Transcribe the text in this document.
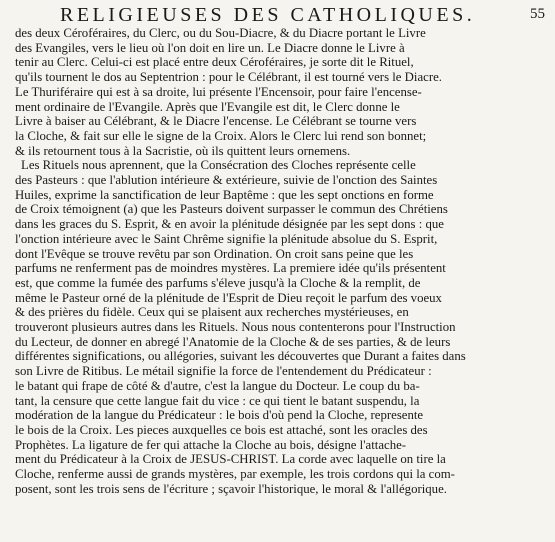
RELIGIEUSES DES CATHOLIQUES.	55
des deux Céroféraires, du Clerc, ou du Sou-Diacre, & du Diacre portant le Livre
des Evangiles, vers le lieu où l'on doit en lire un. Le Diacre donne le Livre à
tenir au Clerc. Celui-ci est placé entre deux Céroféraires, je sorte dit le Rituel,
qu'ils tournent le dos au Septentrion : pour le Célébrant, il est tourné vers le Diacre.
Le Thuriféraire qui est à sa droite, lui présente l'Encensoir, pour faire l'encense-
ment ordinaire de l'Evangile. Après que l'Evangile est dit, le Clerc donne le
Livre à baiser au Célébrant, & le Diacre l'encense. Le Célébrant se tourne vers
la Cloche, & fait sur elle le signe de la Croix. Alors le Clerc lui rend son bonnet;
& ils retournent tous à la Sacristie, où ils quittent leurs ornemens.
Les Rituels nous aprennent, que la Consécration des Cloches représente celle
des Pasteurs : que l'ablution intérieure & extérieure, suivie de l'onction des Saintes
Huiles, exprime la sanctification de leur Baptême : que les sept onctions en forme
de Croix témoignent (a) que les Pasteurs doivent surpasser le commun des Chrétiens
dans les graces du S. Esprit, & en avoir la plénitude désignée par les sept dons : que
l'onction intérieure avec le Saint Chrême signifie la plénitude absolue du S. Esprit,
dont l'Evêque se trouve revêtu par son Ordination. On croit sans peine que les
parfums ne renferment pas de moindres mystères. La premiere idée qu'ils présentent
est, que comme la fumée des parfums s'éleve jusqu'à la Cloche & la remplit, de
même le Pasteur orné de la plénitude de l'Esprit de Dieu reçoit le parfum des voeux
& des prières du fidèle. Ceux qui se plaisent aux recherches mystérieuses, en
trouveront plusieurs autres dans les Rituels. Nous nous contenterons pour l'Instruction
du Lecteur, de donner en abregé l'Anatomie de la Cloche & de ses parties, & de leurs
différentes significations, ou allégories, suivant les découvertes que Durant a faites dans
son Livre de Ritibus. Le métail signifie la force de l'entendement du Prédicateur :
le batant qui frape de côté & d'autre, c'est la langue du Docteur. Le coup du ba-
tant, la censure que cette langue fait du vice : ce qui tient le batant suspendu, la
modération de la langue du Prédicateur : le bois d'où pend la Cloche, represente
le bois de la Croix. Les pieces auxquelles ce bois est attaché, sont les oracles des
Prophètes. La ligature de fer qui attache la Cloche au bois, désigne l'attache-
ment du Prédicateur à la Croix de JESUS-CHRIST. La corde avec laquelle on tire la
Cloche, renferme aussi de grands mystères, par exemple, les trois cordons qui la com-
posent, sont les trois sens de l'écriture ; sçavoir l'historique, le moral & l'allégorique.
